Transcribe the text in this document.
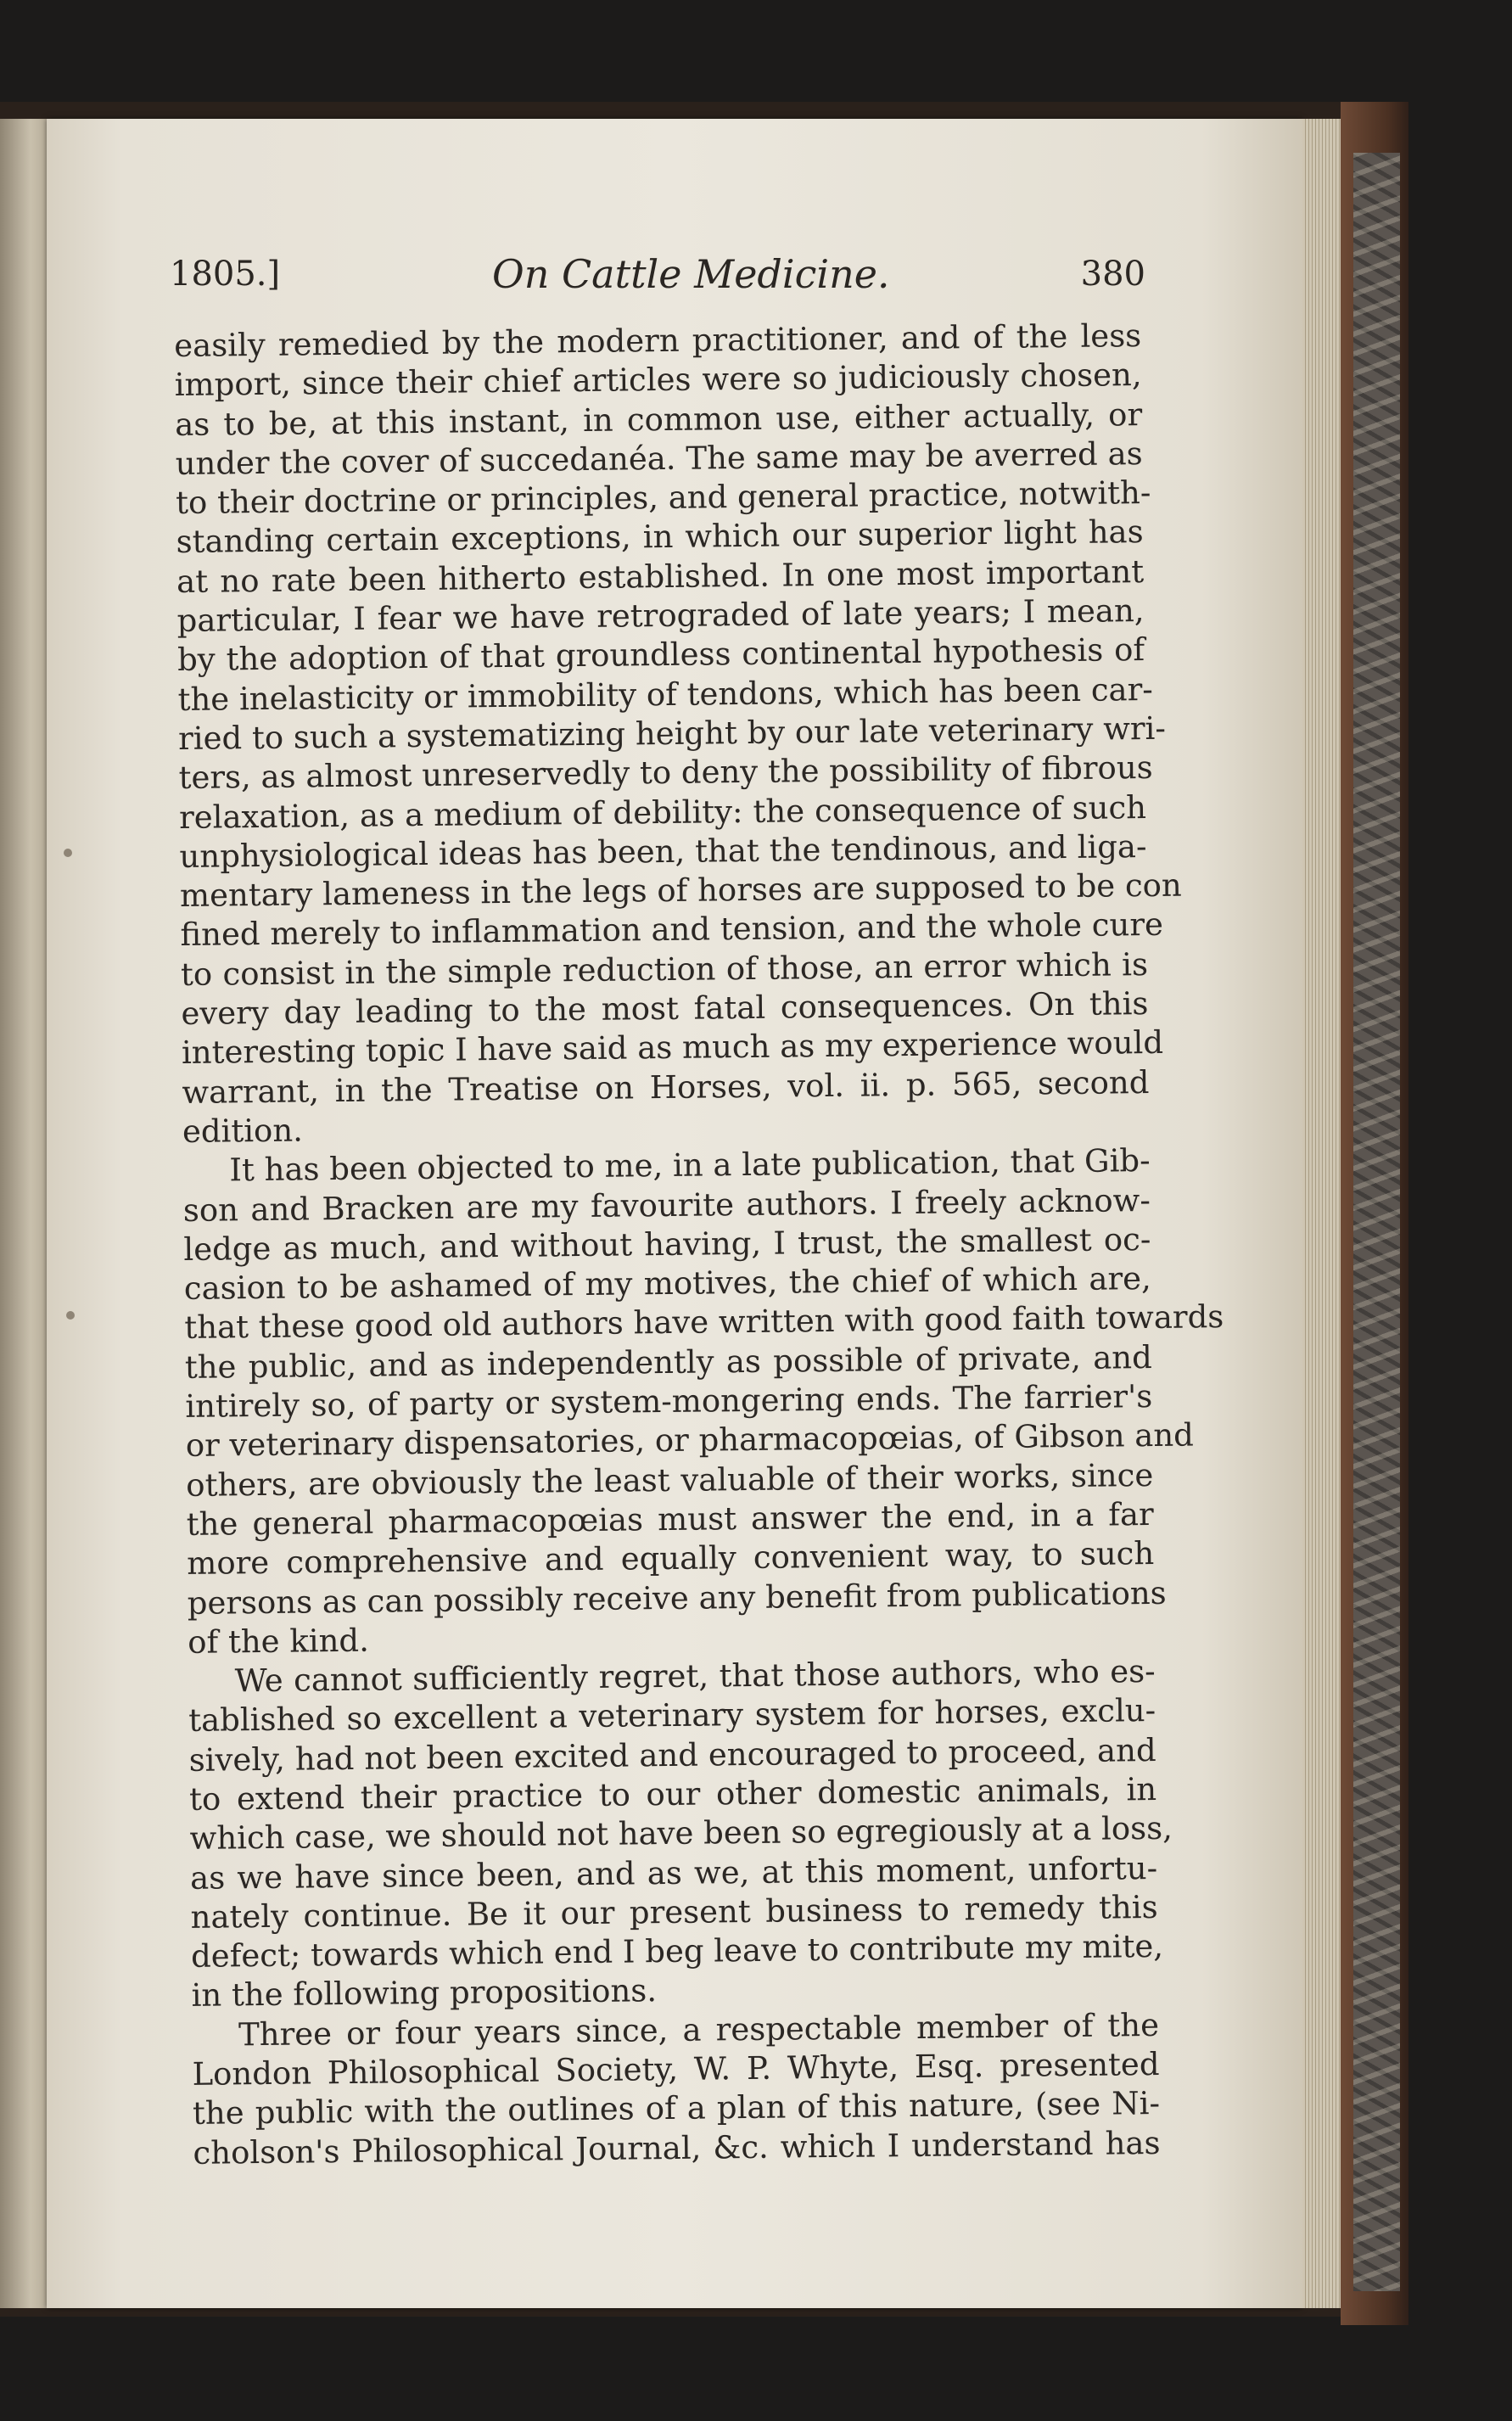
1805.]	On Cattle Medicine.	380
easily remedied by the modern practitioner, and of the less
import, since their chief articles were so judiciously chosen,
as to be, at this instant, in common use, either actually, or
under the cover of succedanéa. The same may be averred as
to their doctrine or principles, and general practice, notwith-
standing certain exceptions, in which our superior light has
at no rate been hitherto established. In one most important
particular, I fear we have retrograded of late years; I mean,
by the adoption of that groundless continental hypothesis of
the inelasticity or immobility of tendons, which has been car-
ried to such a systematizing height by our late veterinary wri-
ters, as almost unreservedly to deny the possibility of fibrous
relaxation, as a medium of debility: the consequence of such
unphysiological ideas has been, that the tendinous, and liga-
mentary lameness in the legs of horses are supposed to be con
fined merely to inflammation and tension, and the whole cure
to consist in the simple reduction of those, an error which is
every day leading to the most fatal consequences. On this
interesting topic I have said as much as my experience would
warrant, in the Treatise on Horses, vol. ii. p. 565, second
edition.
It has been objected to me, in a late publication, that Gib-
son and Bracken are my favourite authors. I freely acknow-
ledge as much, and without having, I trust, the smallest oc-
casion to be ashamed of my motives, the chief of which are,
that these good old authors have written with good faith towards
the public, and as independently as possible of private, and
intirely so, of party or system-mongering ends. The farrier's
or veterinary dispensatories, or pharmacopœias, of Gibson and
others, are obviously the least valuable of their works, since
the general pharmacopœias must answer the end, in a far
more comprehensive and equally convenient way, to such
persons as can possibly receive any benefit from publications
of the kind.
We cannot sufficiently regret, that those authors, who es-
tablished so excellent a veterinary system for horses, exclu-
sively, had not been excited and encouraged to proceed, and
to extend their practice to our other domestic animals, in
which case, we should not have been so egregiously at a loss,
as we have since been, and as we, at this moment, unfortu-
nately continue. Be it our present business to remedy this
defect; towards which end I beg leave to contribute my mite,
in the following propositions.
Three or four years since, a respectable member of the
London Philosophical Society, W. P. Whyte, Esq. presented
the public with the outlines of a plan of this nature, (see Ni-
cholson's Philosophical Journal, &c. which I understand has
